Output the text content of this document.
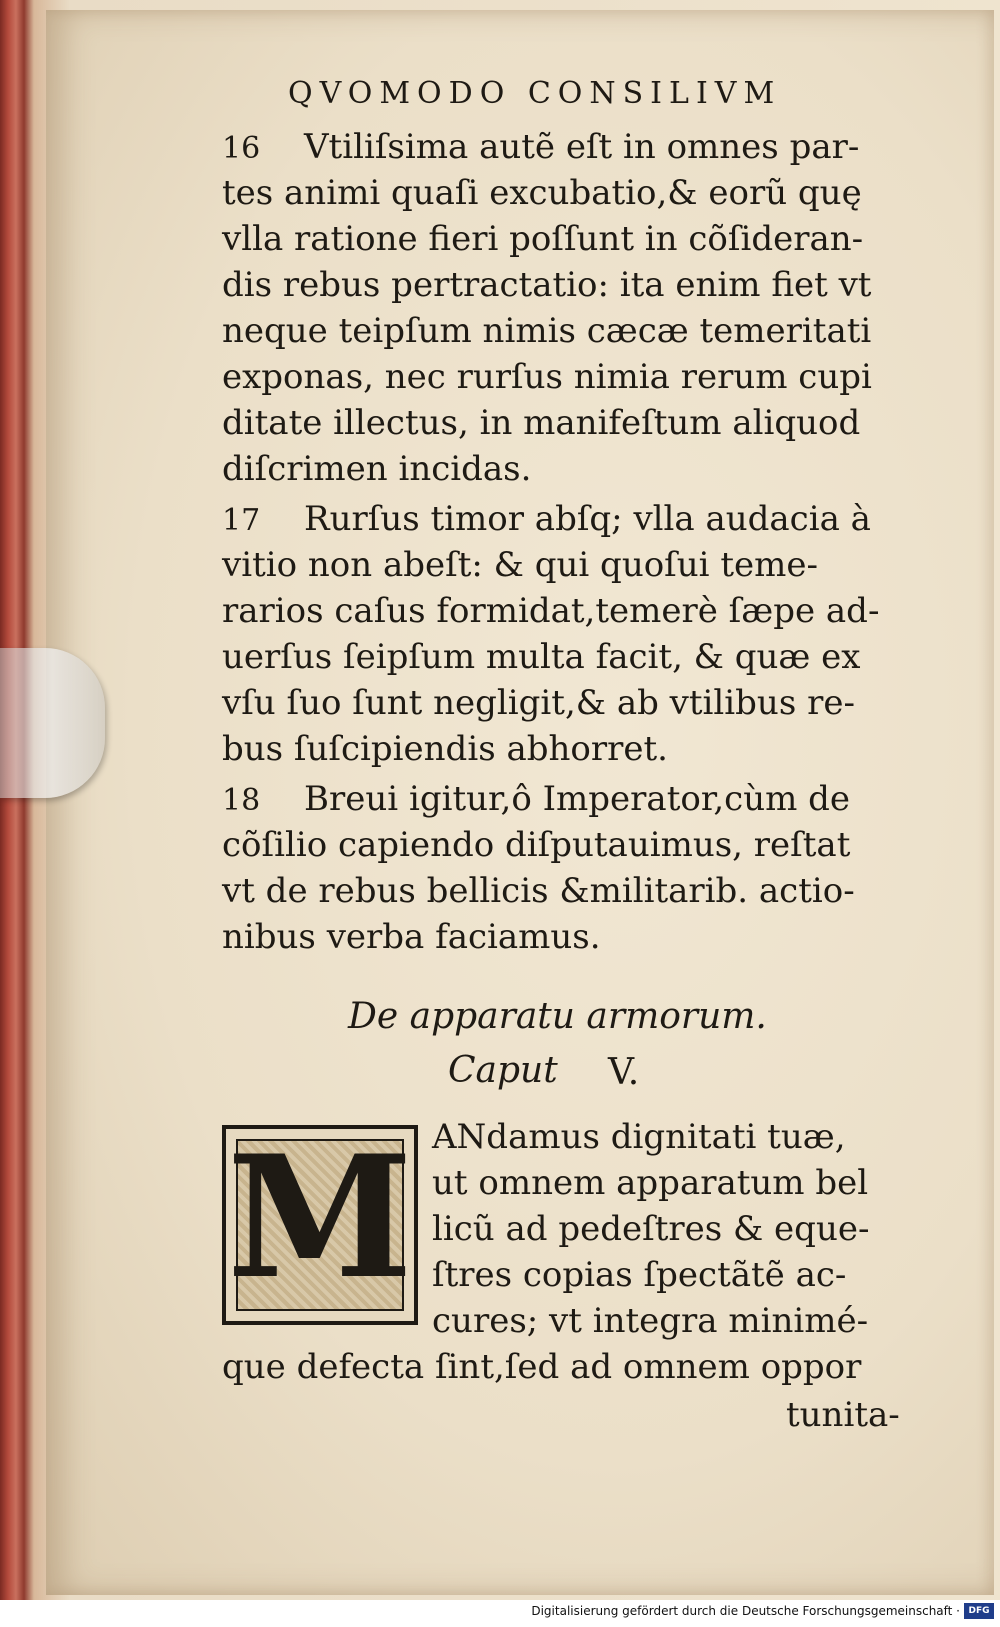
QVOMODO CONSILIVM
16 Vtiliſsima autẽ eſt in omnes par-
tes animi quaſi excubatio,& eorũ quę
vlla ratione fieri poſſunt in cõſideran-
dis rebus pertractatio: ita enim fiet vt
neque teipſum nimis cæcæ temeritati
exponas, nec rurſus nimia rerum cupi
ditate illectus, in manifeſtum aliquod
diſcrimen incidas.
17 Rurſus timor abſq; vlla audacia à
vitio non abeſt: & qui quoſui teme-
rarios caſus formidat,temerè ſæpe ad-
uerſus ſeipſum multa facit, & quæ ex
vſu ſuo ſunt negligit,& ab vtilibus re-
bus ſuſcipiendis abhorret.
18 Breui igitur,ô Imperator,cùm de
cõſilio capiendo diſputauimus, reſtat
vt de rebus bellicis &militarib. actio-
nibus verba faciamus.
De apparatu armorum.
Caput V.
M ANdamus dignitati tuæ,
ut omnem apparatum bel
licũ ad pedeſtres & eque-
ſtres copias ſpectãtẽ ac-
cures; vt integra minimé-
que defecta ſint,ſed ad omnem oppor
tunita-
Digitalisierung gefördert durch die Deutsche Forschungsgemeinschaft · DFG
